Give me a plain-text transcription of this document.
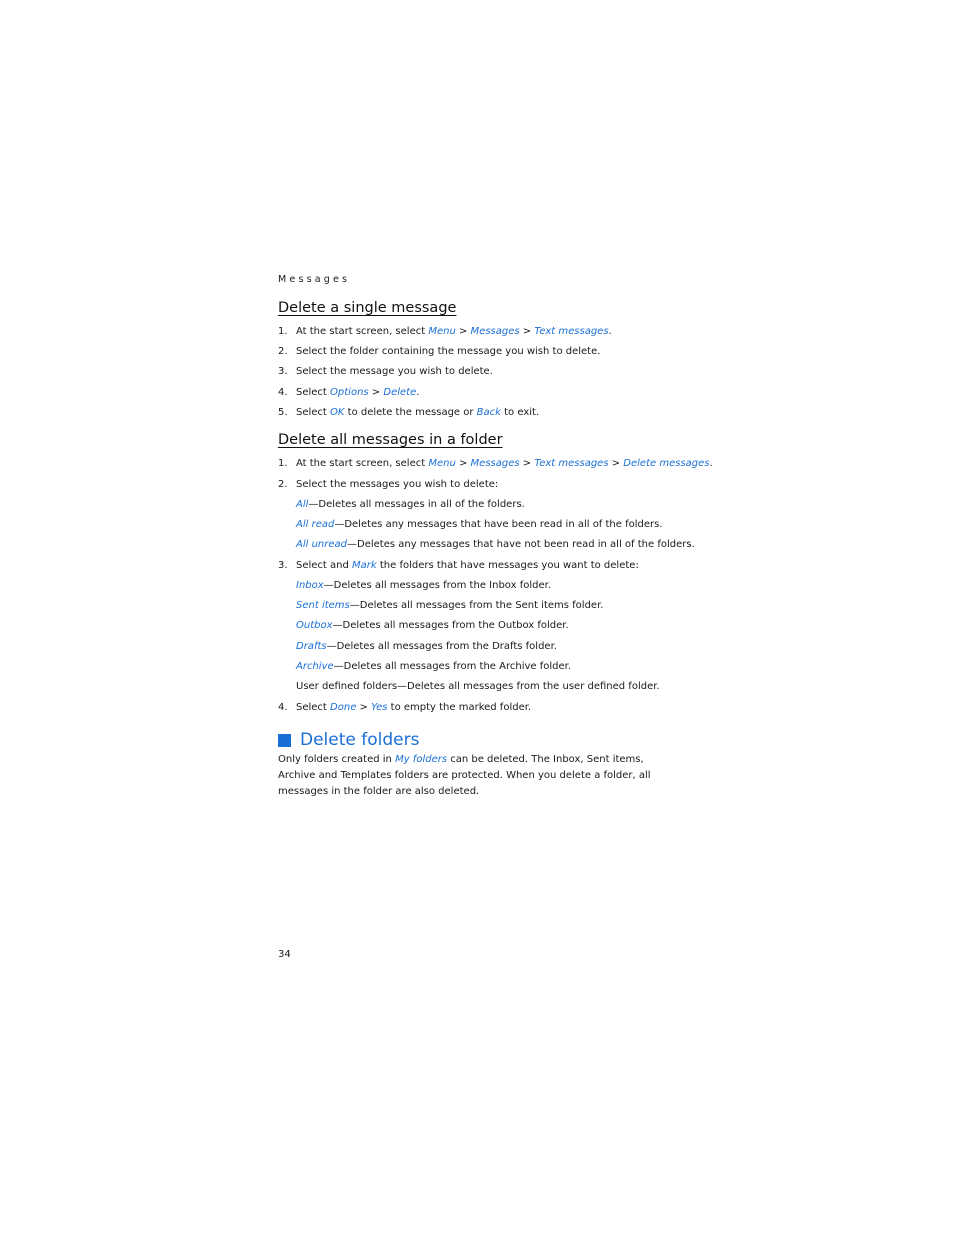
Messages
Delete a single message
1. At the start screen, select Menu > Messages > Text messages.
2. Select the folder containing the message you wish to delete.
3. Select the message you wish to delete.
4. Select Options > Delete.
5. Select OK to delete the message or Back to exit.
Delete all messages in a folder
1. At the start screen, select Menu > Messages > Text messages > Delete messages.
2. Select the messages you wish to delete:
All—Deletes all messages in all of the folders.
All read—Deletes any messages that have been read in all of the folders.
All unread—Deletes any messages that have not been read in all of the folders.
3. Select and Mark the folders that have messages you want to delete:
Inbox—Deletes all messages from the Inbox folder.
Sent items—Deletes all messages from the Sent items folder.
Outbox—Deletes all messages from the Outbox folder.
Drafts—Deletes all messages from the Drafts folder.
Archive—Deletes all messages from the Archive folder.
User defined folders—Deletes all messages from the user defined folder.
4. Select Done > Yes to empty the marked folder.
Delete folders
Only folders created in My folders can be deleted. The Inbox, Sent items, Archive and Templates folders are protected. When you delete a folder, all messages in the folder are also deleted.
34
